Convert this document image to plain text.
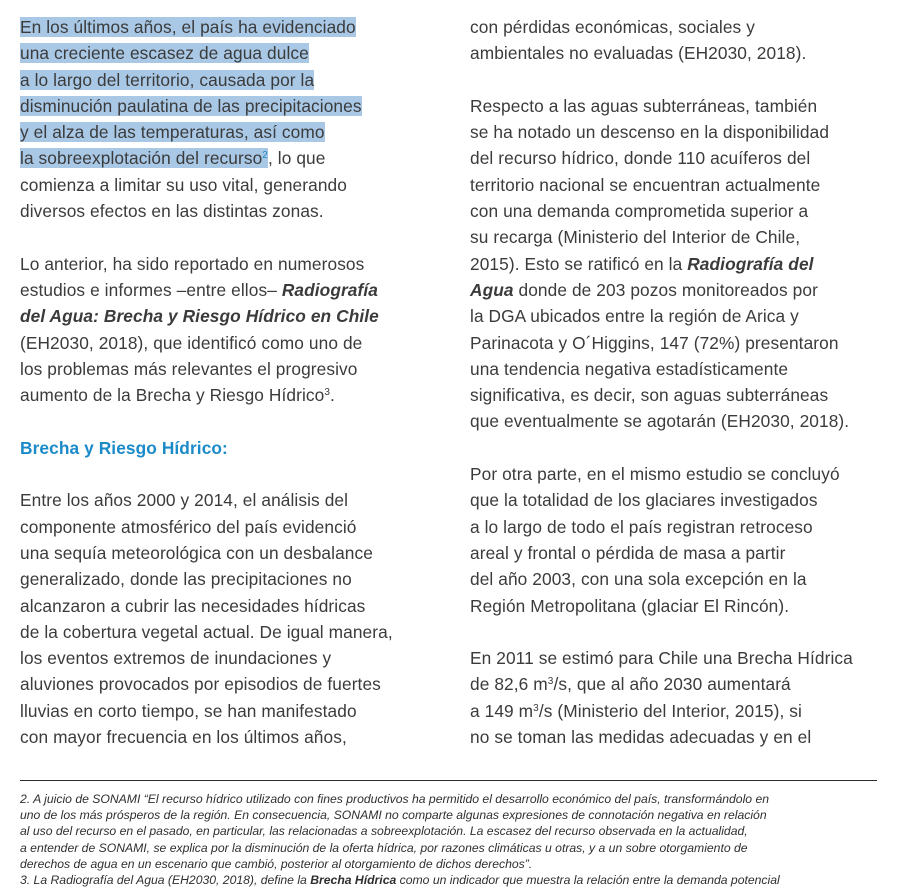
En los últimos años, el país ha evidenciado
una creciente escasez de agua dulce
a lo largo del territorio, causada por la
disminución paulatina de las precipitaciones
y el alza de las temperaturas, así como
la sobreexplotación del recurso$^2$, lo que
comienza a limitar su uso vital, generando
diversos efectos en las distintas zonas.
Lo anterior, ha sido reportado en numerosos
estudios e informes –entre ellos– Radiografía
del Agua: Brecha y Riesgo Hídrico en Chile
(EH2030, 2018), que identificó como uno de
los problemas más relevantes el progresivo
aumento de la Brecha y Riesgo Hídrico$^3$.
Brecha y Riesgo Hídrico:
Entre los años 2000 y 2014, el análisis del
componente atmosférico del país evidenció
una sequía meteorológica con un desbalance
generalizado, donde las precipitaciones no
alcanzaron a cubrir las necesidades hídricas
de la cobertura vegetal actual. De igual manera,
los eventos extremos de inundaciones y
aluviones provocados por episodios de fuertes
lluvias en corto tiempo, se han manifestado
con mayor frecuencia en los últimos años,
con pérdidas económicas, sociales y
ambientales no evaluadas (EH2030, 2018).
Respecto a las aguas subterráneas, también
se ha notado un descenso en la disponibilidad
del recurso hídrico, donde 110 acuíferos del
territorio nacional se encuentran actualmente
con una demanda comprometida superior a
su recarga (Ministerio del Interior de Chile,
2015). Esto se ratificó en la Radiografía del
Agua donde de 203 pozos monitoreados por
la DGA ubicados entre la región de Arica y
Parinacota y O´Higgins, 147 (72%) presentaron
una tendencia negativa estadísticamente
significativa, es decir, son aguas subterráneas
que eventualmente se agotarán (EH2030, 2018).
Por otra parte, en el mismo estudio se concluyó
que la totalidad de los glaciares investigados
a lo largo de todo el país registran retroceso
areal y frontal o pérdida de masa a partir
del año 2003, con una sola excepción en la
Región Metropolitana (glaciar El Rincón).
En 2011 se estimó para Chile una Brecha Hídrica
de 82,6 $m^3/s$, que al año 2030 aumentará
a 149 $m^3/s$ (Ministerio del Interior, 2015), si
no se toman las medidas adecuadas y en el
2. A juicio de SONAMI “El recurso hídrico utilizado con fines productivos ha permitido el desarrollo económico del país, transformándolo en
uno de los más prósperos de la región. En consecuencia, SONAMI no comparte algunas expresiones de connotación negativa en relación
al uso del recurso en el pasado, en particular, las relacionadas a sobreexplotación. La escasez del recurso observada en la actualidad,
a entender de SONAMI, se explica por la disminución de la oferta hídrica, por razones climáticas u otras, y a un sobre otorgamiento de
derechos de agua en un escenario que cambió, posterior al otorgamiento de dichos derechos”.
3. La Radiografía del Agua (EH2030, 2018), define la Brecha Hídrica como un indicador que muestra la relación entre la demanda potencial
